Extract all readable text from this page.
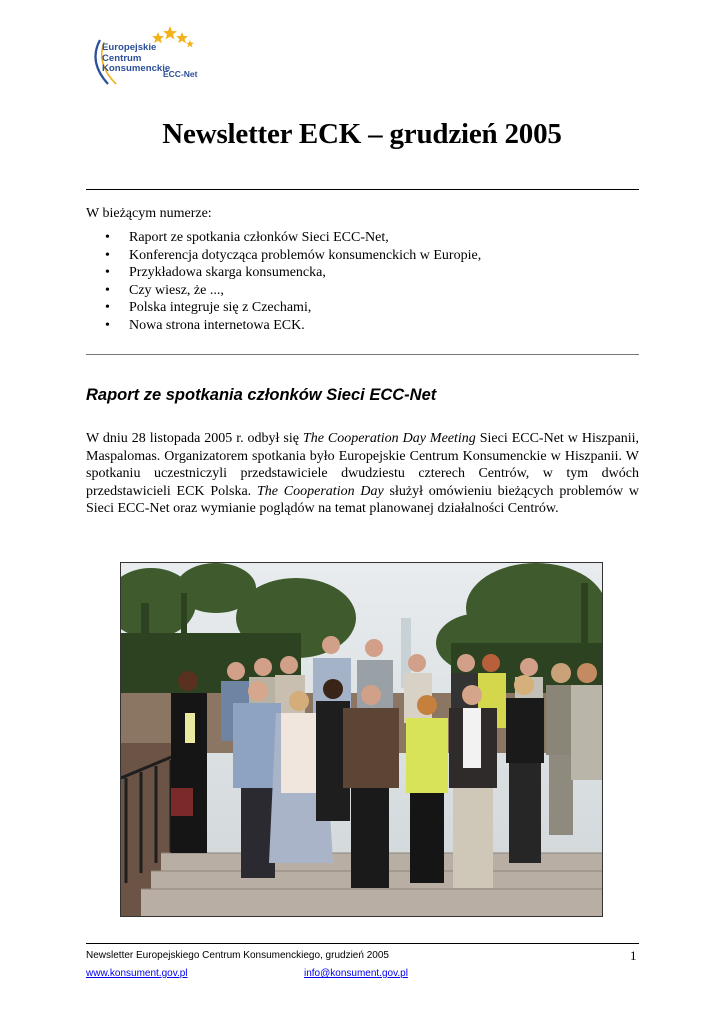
Europejskie
Centrum
Konsumenckie
ECC-Net
Newsletter ECK – grudzień 2005
W bieżącym numerze:
• Raport ze spotkania członków Sieci ECC-Net,
• Konferencja dotycząca problemów konsumenckich w Europie,
• Przykładowa skarga konsumencka,
• Czy wiesz, że ...,
• Polska integruje się z Czechami,
• Nowa strona internetowa ECK.
Raport ze spotkania członków Sieci ECC-Net

W dniu 28 listopada 2005 r. odbył się The Cooperation Day Meeting Sieci ECC-Net w Hiszpanii, Maspalomas. Organizatorem spotkania było Europejskie Centrum Konsumenckie w Hiszpanii. W spotkaniu uczestniczyli przedstawiciele dwudziestu czterech Centrów, w tym dwóch przedstawicieli ECK Polska. The Cooperation Day służył omówieniu bieżących problemów w Sieci ECC-Net oraz wymianie poglądów na temat planowanej działalności Centrów.

Newsletter Europejskiego Centrum Konsumenckiego, grudzień 2005	1
www.konsument.gov.pl	info@konsument.gov.pl
